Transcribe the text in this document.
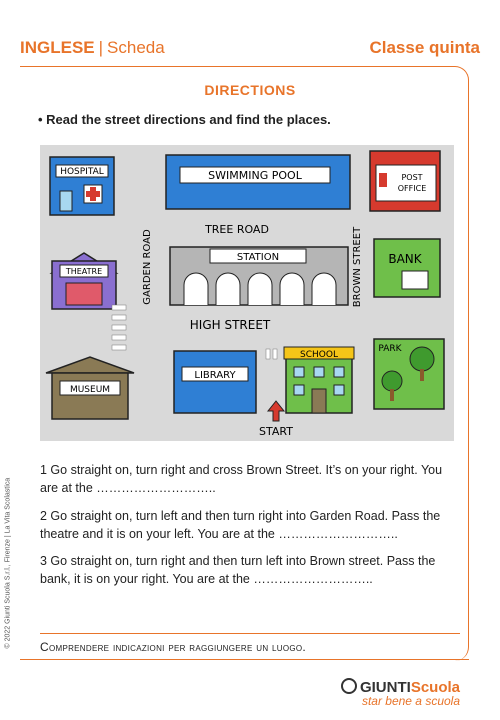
INGLESE | Scheda	Classe quinta
DIRECTIONS
• Read the street directions and find the places.
HOSPITAL	SWIMMING POOL	POST
OFFICE
TREE ROAD
GARDEN ROAD	BROWN STREET
HIGH STREET
THEATRE
STATION	BANK
MUSEUM
LIBRARY
SCHOOL
PARK
START
1 Go straight on, turn right and cross Brown Street. It’s on your right. You are at the ………………………..
2 Go straight on, turn left and then turn right into Garden Road. Pass the theatre and it is on your left. You are at the ………………………..
3 Go straight on, turn right and then turn left into Brown street. Pass the bank, it is on your right. You are at the ………………………..
Comprendere indicazioni per raggiungere un luogo.
© 2022 Giunti Scuola S.r.l., Firenze | La Vita Scolastica
GIUNTIScuola
star bene a scuola
